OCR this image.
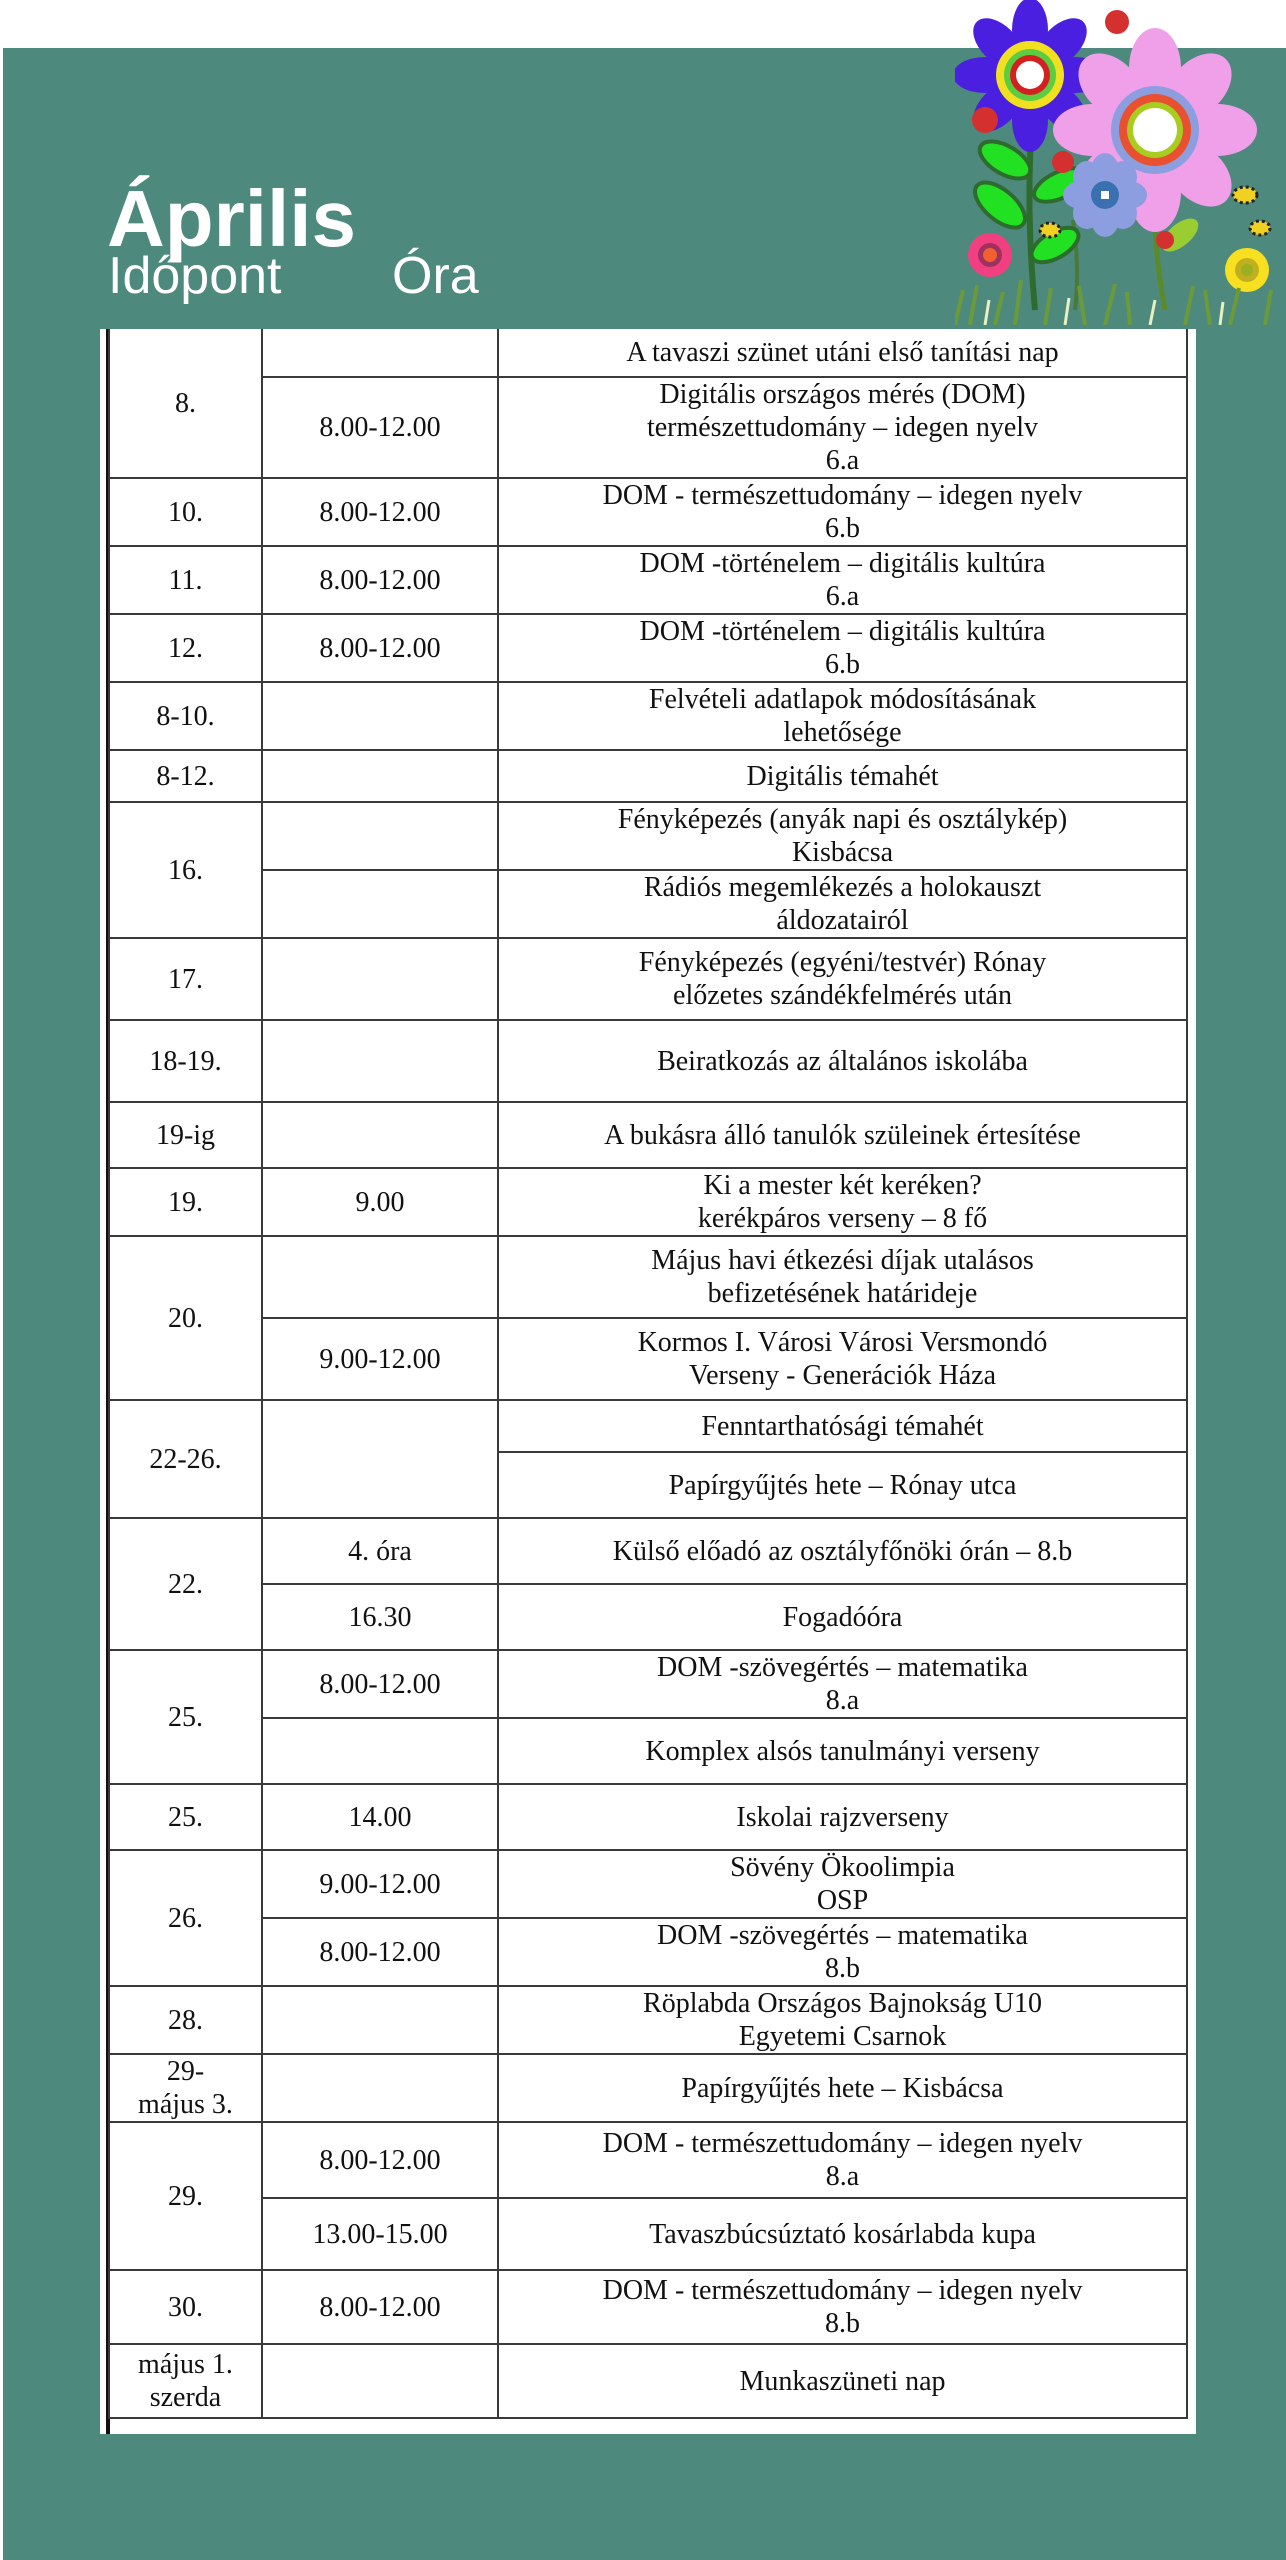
Április
Időpont Óra
8.		A tavaszi szünet utáni első tanítási nap
	8.00-12.00	Digitális országos mérés (DOM)
természettudomány – idegen nyelv
6.a
10.	8.00-12.00	DOM - természettudomány – idegen nyelv
6.b
11.	8.00-12.00	DOM -történelem – digitális kultúra
6.a
12.	8.00-12.00	DOM -történelem – digitális kultúra
6.b
8-10.		Felvételi adatlapok módosításának
lehetősége
8-12.		Digitális témahét
16.		Fényképezés (anyák napi és osztálykép)
Kisbácsa
		Rádiós megemlékezés a holokauszt
áldozatairól
17.		Fényképezés (egyéni/testvér) Rónay
előzetes szándékfelmérés után
18-19.		Beiratkozás az általános iskolába
19-ig		A bukásra álló tanulók szüleinek értesítése
19.	9.00	Ki a mester két keréken?
kerékpáros verseny – 8 fő
20.		Május havi étkezési díjak utalásos
befizetésének határideje
	9.00-12.00	Kormos I. Városi Városi Versmondó
Verseny - Generációk Háza
22-26.		Fenntarthatósági témahét
		Papírgyűjtés hete – Rónay utca
22.	4. óra	Külső előadó az osztályfőnöki órán – 8.b
	16.30	Fogadóóra
25.	8.00-12.00	DOM -szövegértés – matematika
8.a
		Komplex alsós tanulmányi verseny
25.	14.00	Iskolai rajzverseny
26.	9.00-12.00	Sövény Ökoolimpia
OSP
	8.00-12.00	DOM -szövegértés – matematika
8.b
28.		Röplabda Országos Bajnokság U10
Egyetemi Csarnok
29-
május 3.		Papírgyűjtés hete – Kisbácsa
29.	8.00-12.00	DOM - természettudomány – idegen nyelv
8.a
	13.00-15.00	Tavaszbúcsúztató kosárlabda kupa
30.	8.00-12.00	DOM - természettudomány – idegen nyelv
8.b
május 1.
szerda		Munkaszüneti nap
